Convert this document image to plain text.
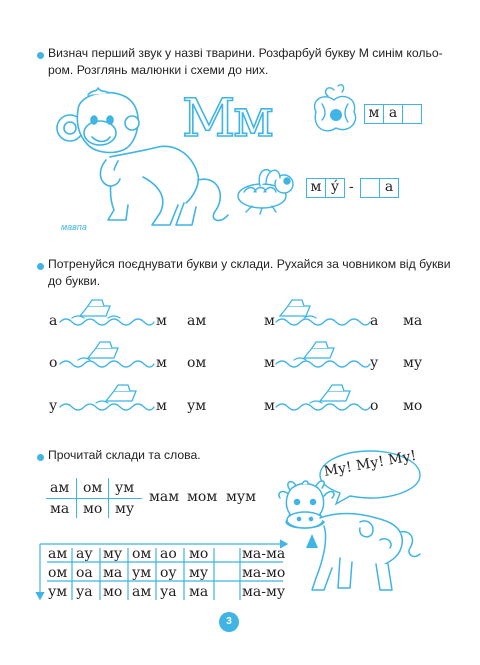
Визнач перший звук у назві тварини. Розфарбуй букву М синім кольо-
ром. Розглянь малюнки і схеми до них.
мавпа
Мм	м а
м ý -	а
Потренуйся поєднувати букви у склади. Рухайся за човником від букви
до букви.
а	м ам	м	а ма
о	м ом	м	у му
у	м ум	м	о мо
Прочитай склади та слова.
ам ом ум
ма мо му
мам мом мум
ам ау му ом ао мо ма-ма
ом оа ма ум оу му ма-мо
ум уа мо ам уа ма ма-му
Му! Му! Му!
3
